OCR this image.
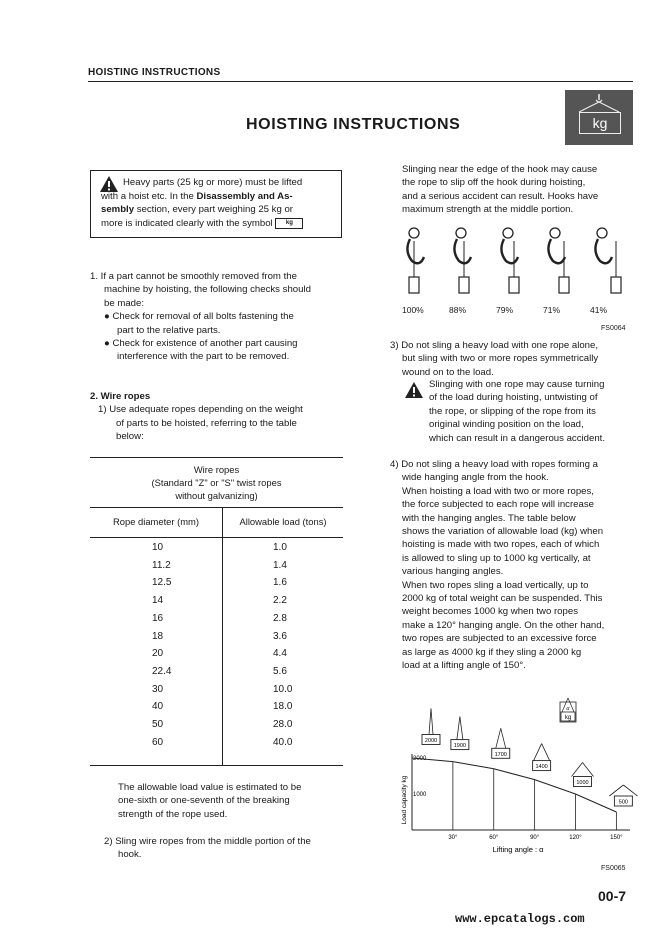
HOISTING INSTRUCTIONS
HOISTING INSTRUCTIONS	kg
Heavy parts (25 kg or more) must be lifted
with a hoist etc. In the Disassembly and As-
sembly section, every part weighing 25 kg or
more is indicated clearly with the symbol kg
1. If a part cannot be smoothly removed from the
machine by hoisting, the following checks should
be made:
● Check for removal of all bolts fastening the
part to the relative parts.
● Check for existence of another part causing
interference with the part to be removed.
2. Wire ropes
1) Use adequate ropes depending on the weight
of parts to be hoisted, referring to the table
below:
Wire ropes
(Standard "Z" or "S" twist ropes
without galvanizing)
Rope diameter (mm)	Allowable load (tons)
10	1.0
11.2	1.4
12.5	1.6
14	2.2
16	2.8
18	3.6
20	4.4
22.4	5.6
30	10.0
40	18.0
50	28.0
60	40.0
The allowable load value is estimated to be
one-sixth or one-seventh of the breaking
strength of the rope used.
2) Sling wire ropes from the middle portion of the
hook.
Slinging near the edge of the hook may cause
the rope to slip off the hook during hoisting,
and a serious accident can result. Hooks have
maximum strength at the middle portion.
100%	88%	79%	71%	41%
FS0064
3) Do not sling a heavy load with one rope alone,
but sling with two or more ropes symmetrically
wound on to the load.
Slinging with one rope may cause turning
of the load during hoisting, untwisting of
the rope, or slipping of the rope from its
original winding position on the load,
which can result in a dangerous accident.
4) Do not sling a heavy load with ropes forming a
wide hanging angle from the hook.
When hoisting a load with two or more ropes,
the force subjected to each rope will increase
with the hanging angles. The table below
shows the variation of allowable load (kg) when
hoisting is made with two ropes, each of which
is allowed to sling up to 1000 kg vertically, at
various hanging angles.
When two ropes sling a load vertically, up to
2000 kg of total weight can be suspended. This
weight becomes 1000 kg when two ropes
make a 120° hanging angle. On the other hand,
two ropes are subjected to an excessive force
as large as 4000 kg if they sling a 2000 kg
load at a lifting angle of 150°.
30°	60°	90°	120°	150°
2000
1000
2000
1900
1700
1400
1000
500
α
kg
Load capacity kg
Lifting angle : α
FS0065
00-7
www.epcatalogs.com
